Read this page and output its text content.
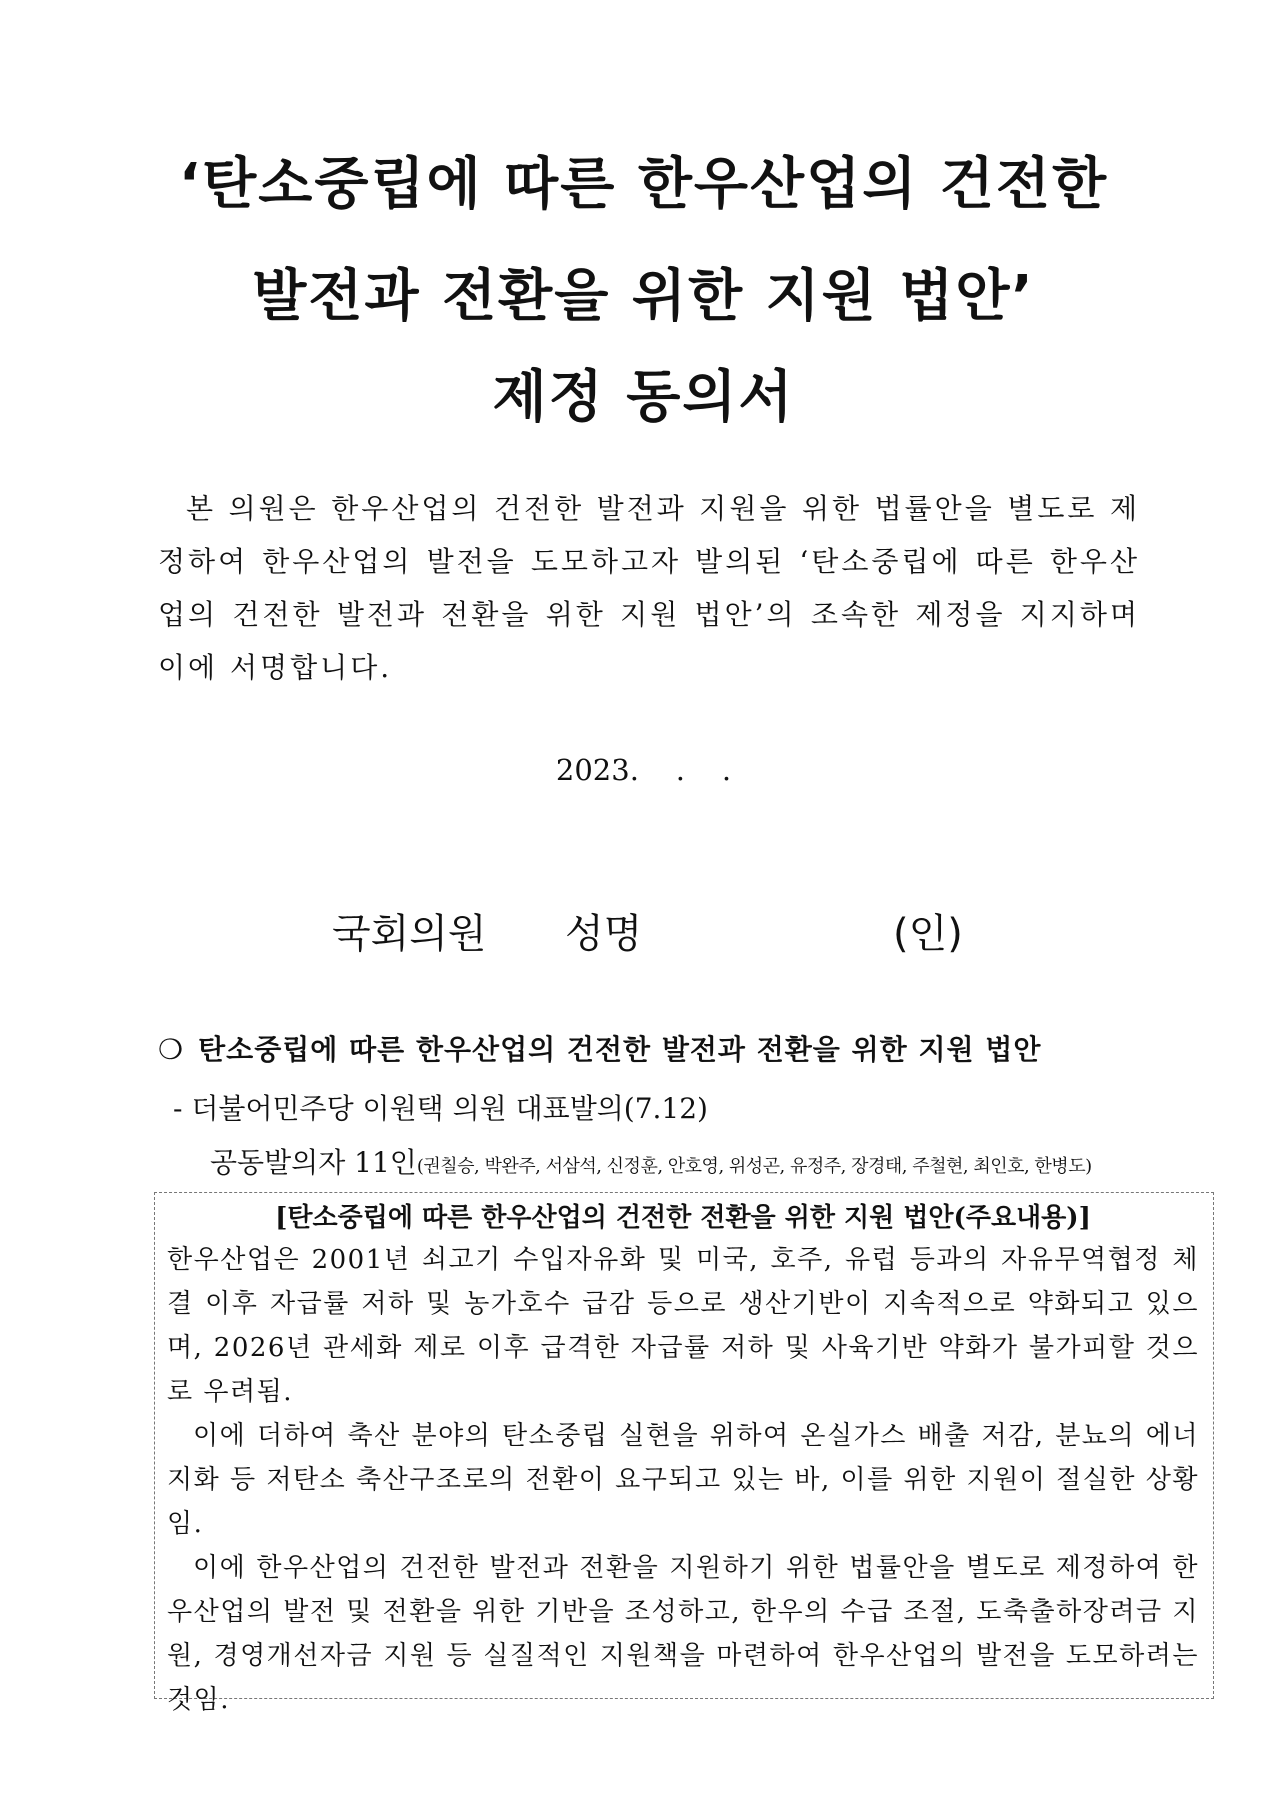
‘탄소중립에 따른 한우산업의 건전한
발전과 전환을 위한 지원 법안’
제정 동의서

본 의원은 한우산업의 건전한 발전과 지원을 위한 법률안을 별도로 제정하여 한우산업의 발전을 도모하고자 발의된 ‘탄소중립에 따른 한우산업의 건전한 발전과 전환을 위한 지원 법안’의 조속한 제정을 지지하며 이에 서명합니다.

2023.    .    .
국회의원 성명	(인)
❍ 탄소중립에 따른 한우산업의 건전한 발전과 전환을 위한 지원 법안
- 더불어민주당 이원택 의원 대표발의(7.12)
공동발의자 11인(권칠승, 박완주, 서삼석, 신정훈, 안호영, 위성곤, 유정주, 장경태, 주철현, 최인호, 한병도)
[탄소중립에 따른 한우산업의 건전한 전환을 위한 지원 법안(주요내용)]

한우산업은 2001년 쇠고기 수입자유화 및 미국, 호주, 유럽 등과의 자유무역협정 체결 이후 자급률 저하 및 농가호수 급감 등으로 생산기반이 지속적으로 약화되고 있으며, 2026년 관세화 제로 이후 급격한 자급률 저하 및 사육기반 약화가 불가피할 것으로 우려됨.

이에 더하여 축산 분야의 탄소중립 실현을 위하여 온실가스 배출 저감, 분뇨의 에너지화 등 저탄소 축산구조로의 전환이 요구되고 있는 바, 이를 위한 지원이 절실한 상황임.

이에 한우산업의 건전한 발전과 전환을 지원하기 위한 법률안을 별도로 제정하여 한우산업의 발전 및 전환을 위한 기반을 조성하고, 한우의 수급 조절, 도축출하장려금 지원, 경영개선자금 지원 등 실질적인 지원책을 마련하여 한우산업의 발전을 도모하려는 것임.
